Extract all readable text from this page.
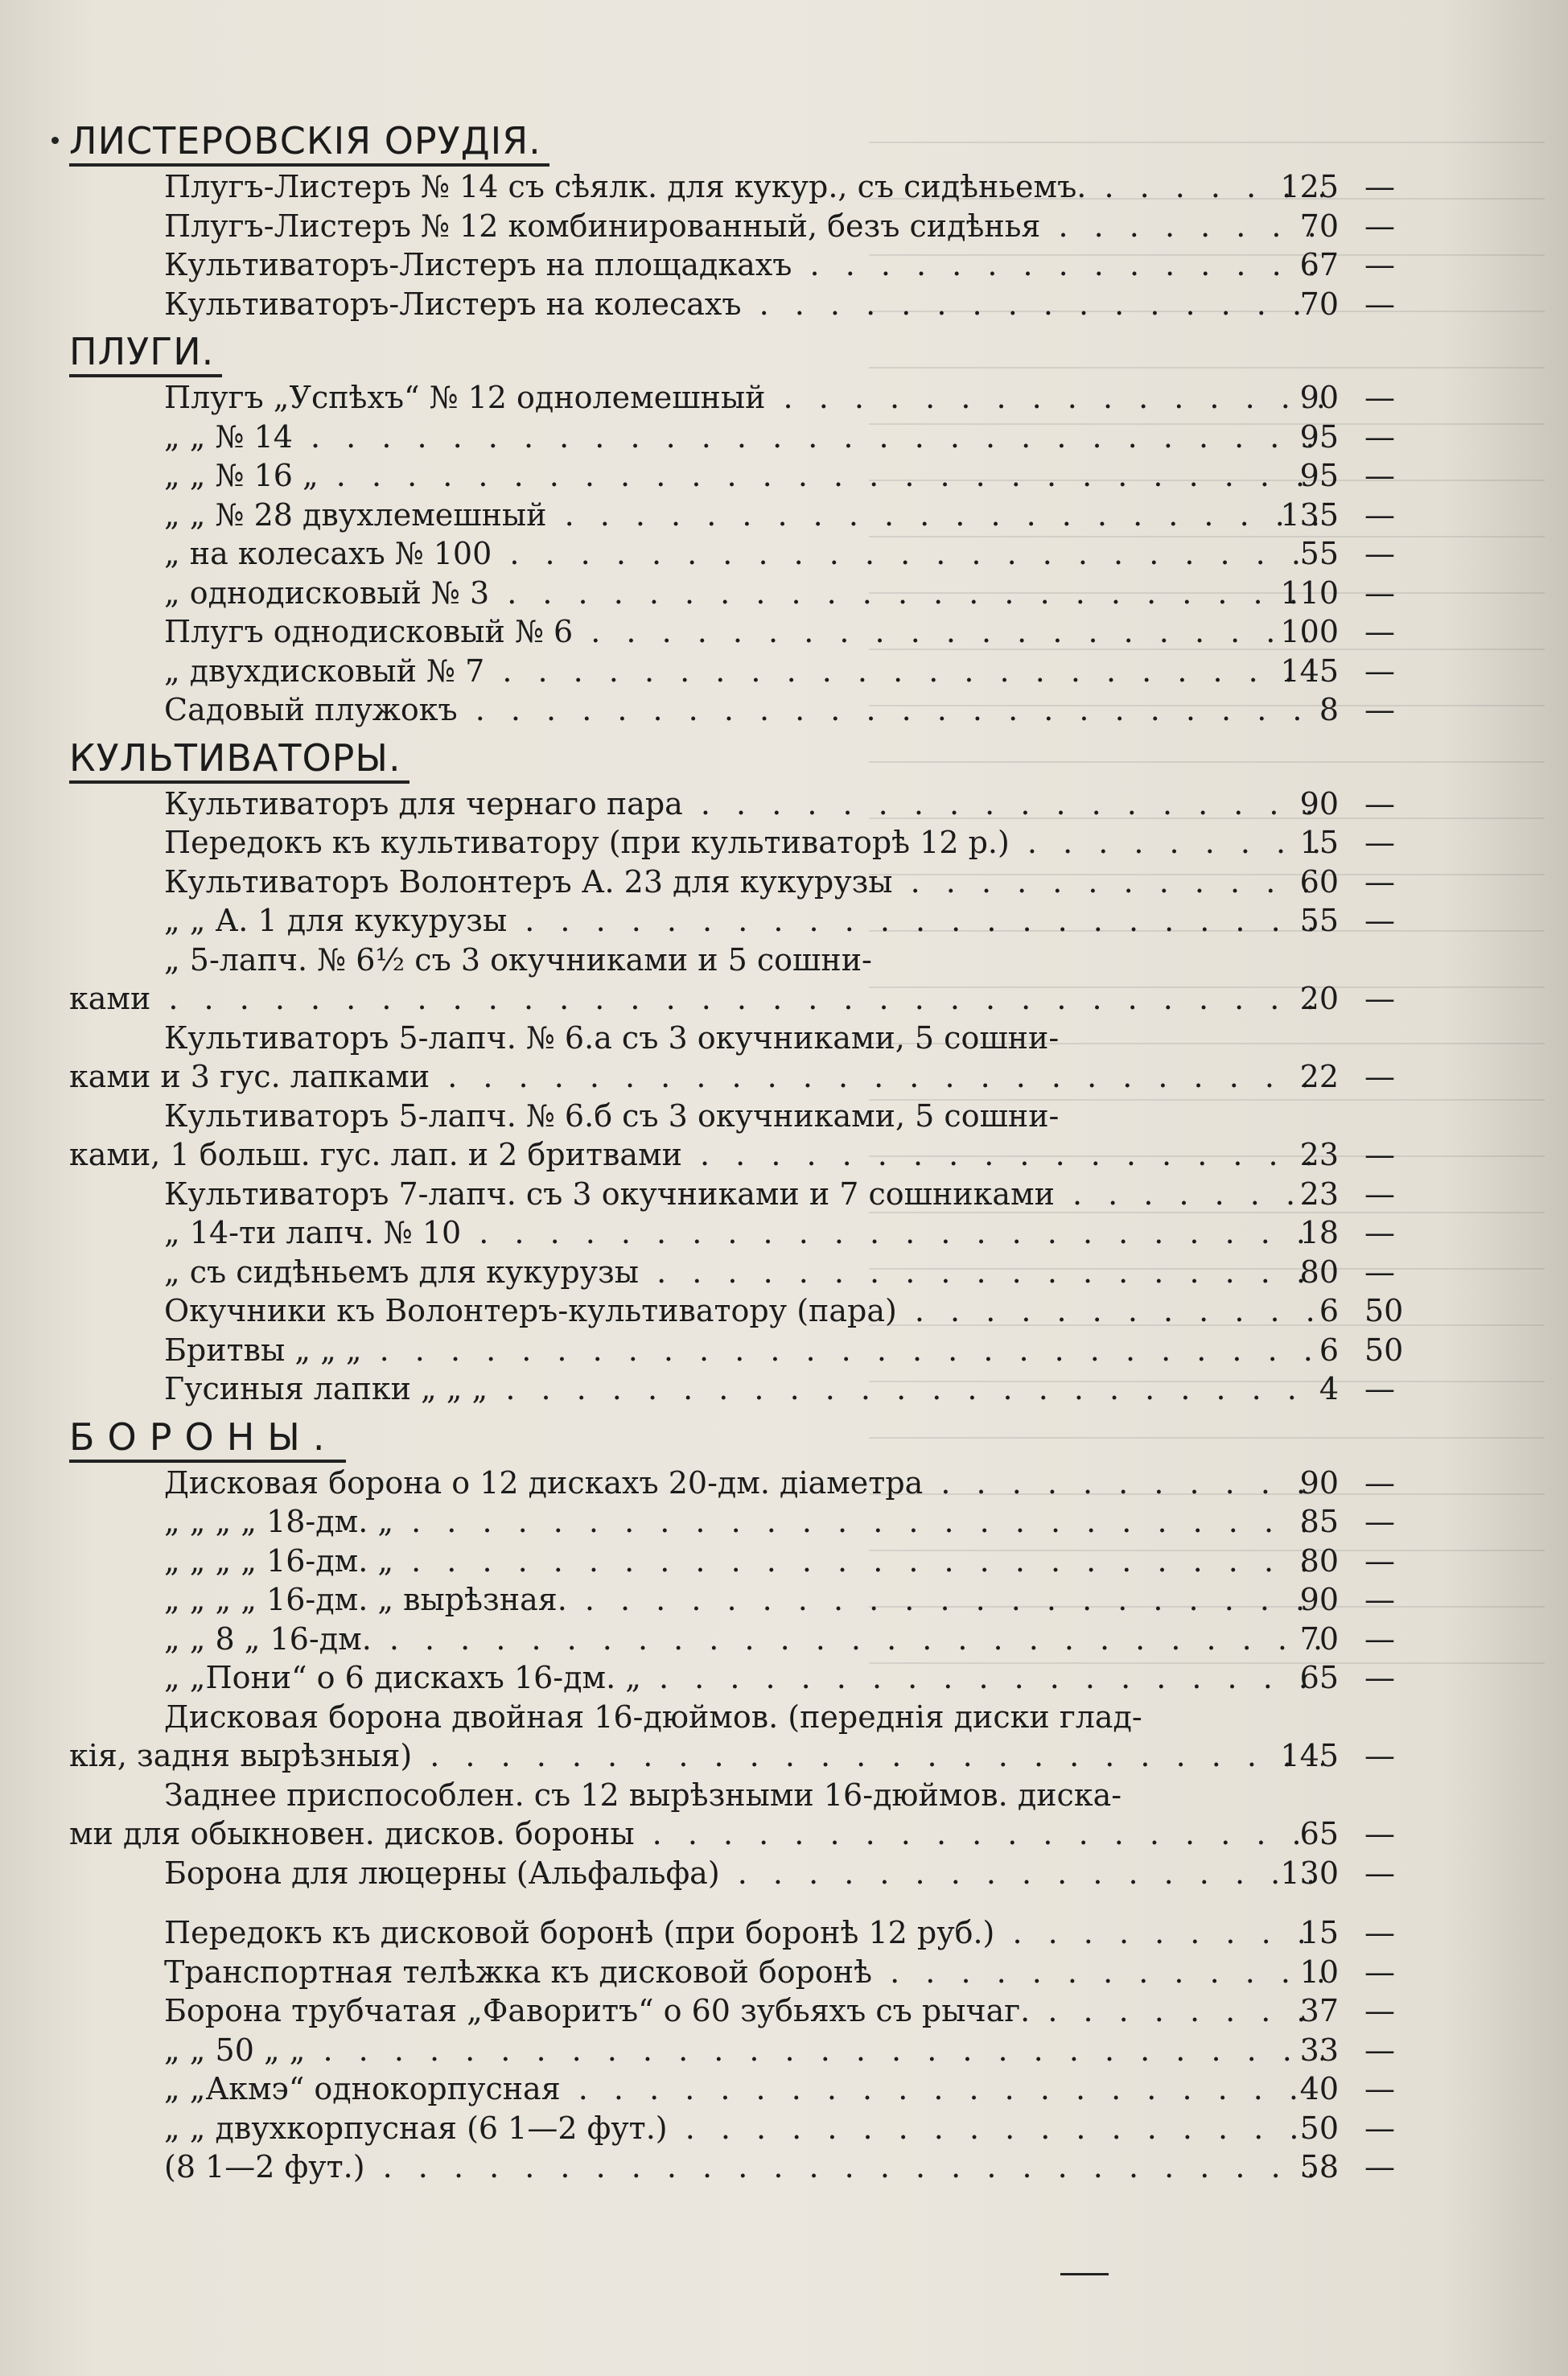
ЛИСТЕРОВСКІЯ ОРУДІЯ.
Плугъ-Листеръ № 14 съ сѣялк. для кукур., съ сидѣньемъ. . . .	125 —
Плугъ-Листеръ № 12 комбинированный, безъ сидѣнья . . .	70 —
Культиваторъ-Листеръ на площадкахъ . . .	67 —
Культиваторъ-Листеръ на колесахъ . . .	70 —
ПЛУГИ.
Плугъ „Успѣхъ“ № 12 однолемешный . . .	90 —
„ „ № 14 . . .	95 —
„ „ № 16 „ . . .	95 —
„ „ № 28 двухлемешный . . .	135 —
„ на колесахъ № 100 . . .	55 —
„ однодисковый № 3 . . .	110 —
Плугъ однодисковый № 6 . . .	100 —
„ двухдисковый № 7 . . .	145 —
Садовый плужокъ . . .	8 —
КУЛЬТИВАТОРЫ.
Культиваторъ для чернаго пара . . .	90 —
Передокъ къ культиватору (при культиваторѣ 12 р.) . . .	15 —
Культиваторъ Волонтеръ А. 23 для кукурузы . . .	60 —
„ „ А. 1 для кукурузы . . .	55 —
„ 5-лапч. № 6½ съ 3 окучниками и 5 сошни-
ками . . .	20 —
Культиваторъ 5-лапч. № 6.а съ 3 окучниками, 5 сошни-
ками и 3 гус. лапками . . .	22 —
Культиваторъ 5-лапч. № 6.б съ 3 окучниками, 5 сошни-
ками, 1 больш. гус. лап. и 2 бритвами . . .	23 —
Культиваторъ 7-лапч. съ 3 окучниками и 7 сошниками . . .	23 —
„ 14-ти лапч. № 10 . . .	18 —
„ съ сидѣньемъ для кукурузы . . .	80 —
Окучники къ Волонтеръ-культиватору (пара) . . .	6 50
Бритвы „ „ „ . . .	6 50
Гусиныя лапки „ „ „ . . .	4 —
БОРОНЫ.
Дисковая борона о 12 дискахъ 20-дм. діаметра . . .	90 —
„ „ „ „ 18-дм. „ . . .	85 —
„ „ „ „ 16-дм. „ . . .	80 —
„ „ „ „ 16-дм. „ вырѣзная. . . .	90 —
„ „ 8 „ 16-дм. . . .	70 —
„ „Пони“ о 6 дискахъ 16-дм. „ . . .	65 —
Дисковая борона двойная 16-дюймов. (переднія диски глад-
кія, задня вырѣзныя) . . .	145 —
Заднее приспособлен. съ 12 вырѣзными 16-дюймов. диска-
ми для обыкновен. дисков. бороны . . .	65 —
Борона для люцерны (Альфальфа) . . .	130 —
Передокъ къ дисковой боронѣ (при боронѣ 12 руб.) . . .	15 —
Транспортная телѣжка къ дисковой боронѣ . . .	10 —
Борона трубчатая „Фаворитъ“ о 60 зубьяхъ съ рычаг. . . .	37 —
„ „ 50 „ „ . . .	33 —
„ „Акмэ“ однокорпусная . . .	40 —
„ „ двухкорпусная (6 1—2 фут.) . . .	50 —
(8 1—2 фут.) . . .	58 —
